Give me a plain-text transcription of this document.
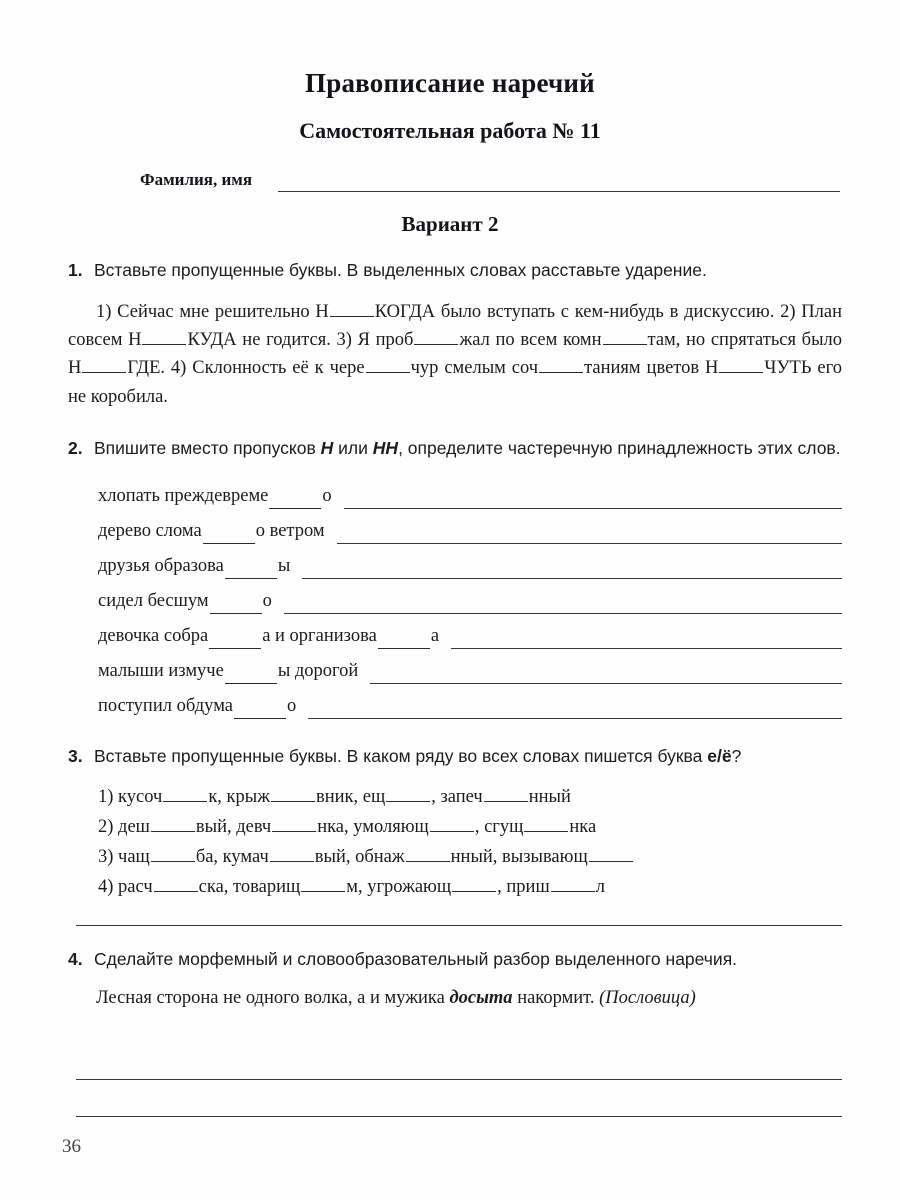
Правописание наречий
Самостоятельная работа № 11
Фамилия, имя
Вариант 2
1. Вставьте пропущенные буквы. В выделенных словах расставьте ударение.
1) Сейчас мне решительно Н КОГДА было вступать с кем-нибудь в дискуссию. 2) План совсем Н КУДА не годится. 3) Я проб жал по всем комн там, но спрятаться было Н ГДЕ. 4) Склонность её к чере чур смелым соч таниям цветов Н ЧУТЬ его не коробила.
2. Впишите вместо пропусков Н или НН, определите частеречную принадлежность этих слов.
хлопать преждевреме	о
дерево слома	о ветром
друзья образова	ы
сидел бесшум	о
девочка собра	а и организова	а
малыши измуче	ы дорогой
поступил обдума	о
3. Вставьте пропущенные буквы. В каком ряду во всех словах пишется буква е/ё?
1) кусоч к, крыж вник, ещ , запеч нный
2) деш вый, девч нка, умоляющ , сгущ нка
3) чащ ба, кумач вый, обнаж нный, вызывающ
4) расч ска, товарищ м, угрожающ , приш л
4. Сделайте морфемный и словообразовательный разбор выделенного наречия.
Лесная сторона не одного волка, а и мужика досыта накормит. (Пословица)
36
